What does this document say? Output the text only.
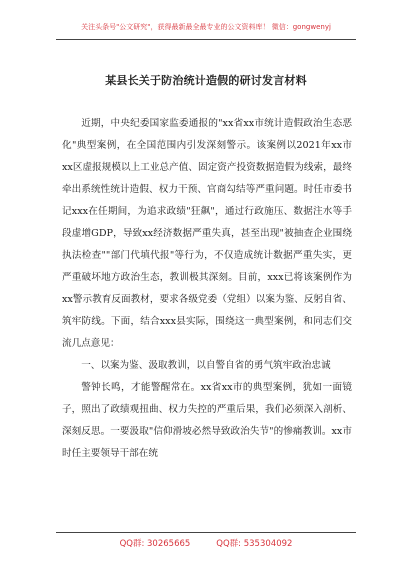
关注头条号"公文研究"，获得最新最全最专业的公文资料库！ 微信：gongwenyj
某县长关于防治统计造假的研讨发言材料

近期，中央纪委国家监委通报的"xx省xx市统计造假政治生态恶化"典型案例，在全国范围内引发深刻警示。该案例以2021年xx市xx区虚报规模以上工业总产值、固定资产投资数据造假为线索，最终牵出系统性统计造假、权力干预、官商勾结等严重问题。时任市委书记xxx在任期间，为追求政绩"狂飙"，通过行政施压、数据注水等手段虚增GDP，导致xx经济数据严重失真，甚至出现"被抽查企业围绕执法检查""部门代填代报"等行为，不仅造成统计数据严重失实，更严重破坏地方政治生态，教训极其深刻。目前，xxx已将该案例作为xx警示教育反面教材，要求各级党委（党组）以案为鉴、反躬自省、筑牢防线。下面，结合xxx县实际，围绕这一典型案例，和同志们交流几点意见：

一、以案为鉴、汲取教训，以自警自省的勇气筑牢政治忠诚

警钟长鸣，才能警醒常在。xx省xx市的典型案例，犹如一面镜子，照出了政绩观扭曲、权力失控的严重后果，我们必须深入剖析、深刻反思。一要汲取"信仰滑坡必然导致政治失节"的惨痛教训。xx市时任主要领导干部在统

QQ群: 30265665	QQ群: 535304092
